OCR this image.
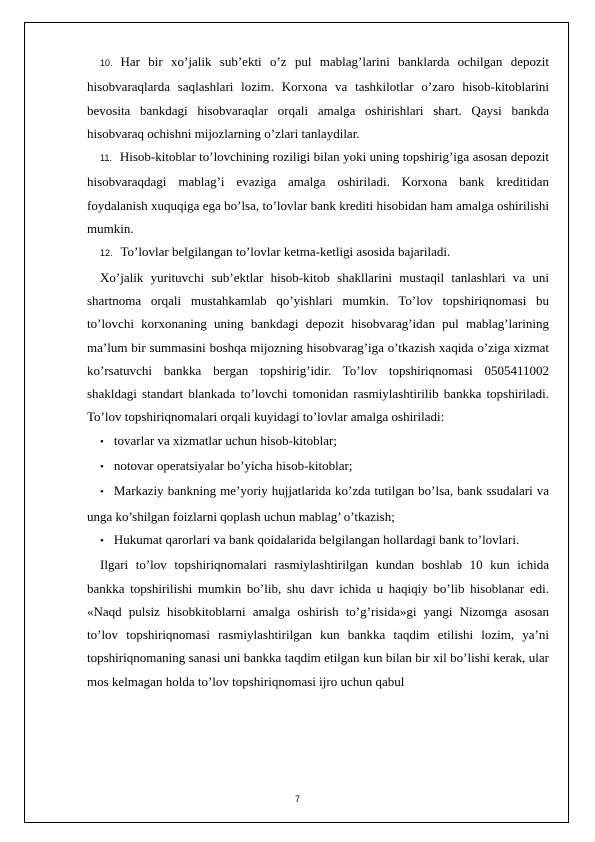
10. Har bir xo’jalik sub’ekti o’z pul mablag’larini banklarda ochilgan depozit hisobvaraqlarda saqlashlari lozim. Korxona va tashkilotlar o’zaro hisob-kitoblarini bevosita bankdagi hisobvaraqlar orqali amalga oshirishlari shart. Qaysi bankda hisobvaraq ochishni mijozlarning o’zlari tanlaydilar.

11. Hisob-kitoblar to’lovchining roziligi bilan yoki uning topshirig’iga asosan depozit hisobvaraqdagi mablag’i evaziga amalga oshiriladi. Korxona bank kreditidan foydalanish xuquqiga ega bo’lsa, to’lovlar bank krediti hisobidan ham amalga oshirilishi mumkin.

12. To’lovlar belgilangan to’lovlar ketma-ketligi asosida bajariladi.

Xo’jalik yurituvchi sub’ektlar hisob-kitob shakllarini mustaqil tanlashlari va uni shartnoma orqali mustahkamlab qo’yishlari mumkin. To’lov topshiriqnomasi bu to’lovchi korxonaning uning bankdagi depozit hisobvarag’idan pul mablag’larining ma’lum bir summasini boshqa mijozning hisobvarag’iga o’tkazish xaqida o’ziga xizmat ko’rsatuvchi bankka bergan topshirig’idir. To’lov topshiriqnomasi 0505411002 shakldagi standart blankada to’lovchi tomonidan rasmiylashtirilib bankka topshiriladi. To’lov topshiriqnomalari orqali kuyidagi to’lovlar amalga oshiriladi:

• tovarlar va xizmatlar uchun hisob-kitoblar;

• notovar operatsiyalar bo’yicha hisob-kitoblar;

• Markaziy bankning me’yoriy hujjatlarida ko’zda tutilgan bo’lsa, bank ssudalari va unga ko’shilgan foizlarni qoplash uchun mablag’ o’tkazish;

• Hukumat qarorlari va bank qoidalarida belgilangan hollardagi bank to’lovlari.

Ilgari to’lov topshiriqnomalari rasmiylashtirilgan kundan boshlab 10 kun ichida bankka topshirilishi mumkin bo’lib, shu davr ichida u haqiqiy bo’lib hisoblanar edi. «Naqd pulsiz hisobkitoblarni amalga oshirish to’g’risida»gi yangi Nizomga asosan to’lov topshiriqnomasi rasmiylashtirilgan kun bankka taqdim etilishi lozim, ya’ni topshiriqnomaning sanasi uni bankka taqdim etilgan kun bilan bir xil bo’lishi kerak, ular mos kelmagan holda to’lov topshiriqnomasi ijro uchun qabul

7
